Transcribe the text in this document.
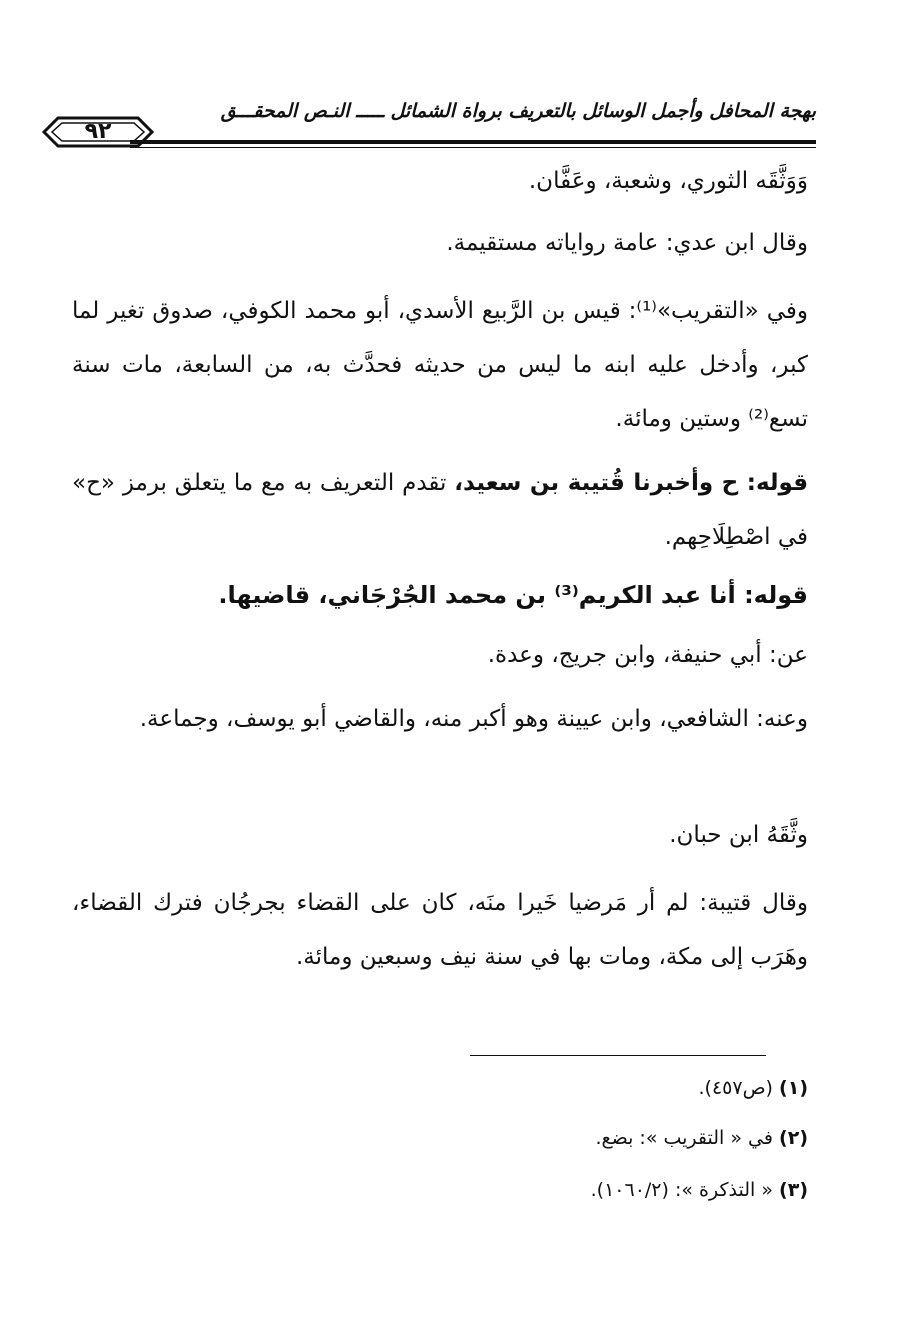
بهجة المحافل وأجمل الوسائل بالتعريف برواة الشمائل ـــــ النـص المحقـــق
٩٢

وَوَثَّقَه الثوري، وشعبة، وعَفَّان.

وقال ابن عدي: عامة رواياته مستقيمة.

وفي «التقريب»⁽¹⁾: قيس بن الرَّبيع الأسدي، أبو محمد الكوفي، صدوق تغير لما كبر، وأدخل عليه ابنه ما ليس من حديثه فحدَّث به، من السابعة، مات سنة تسع⁽²⁾ وستين ومائة.

قوله: ح وأخبرنا قُتيبة بن سعيد، تقدم التعريف به مع ما يتعلق برمز «ح» في اصْطِلَاحِهم.

قوله: أنا عبد الكريم⁽³⁾ بن محمد الجُرْجَاني، قاضيها.

عن: أبي حنيفة، وابن جريج، وعدة.

وعنه: الشافعي، وابن عيينة وهو أكبر منه، والقاضي أبو يوسف، وجماعة.

وثَّقَهُ ابن حبان.

وقال قتيبة: لم أر مَرضيا خَيرا منَه، كان على القضاء بجرجُان فترك القضاء، وهَرَب إلى مكة، ومات بها في سنة نيف وسبعين ومائة.

(١) (ص٤٥٧).

(٢) في « التقريب »: بضع.

(٣) « التذكرة »: (١٠٦٠/٢).
